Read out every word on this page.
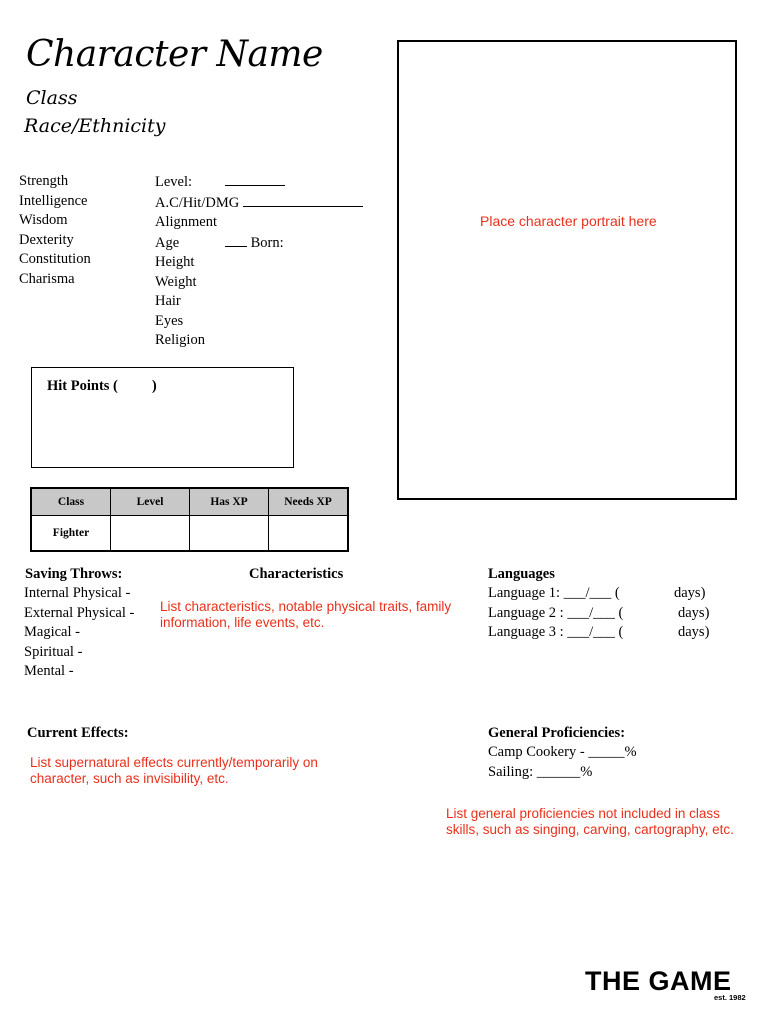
Character Name
Class
Race/Ethnicity
Strength
Intelligence
Wisdom
Dexterity
Constitution
Charisma
Level:
A.C/Hit/DMG
Alignment
Age	Born:
Height
Weight
Hair
Eyes
Religion
Place character portrait here
Hit Points ( )
Class	Level	Has XP	Needs XP
Fighter			
Saving Throws:
Internal Physical -
External Physical -
Magical -
Spiritual -
Mental -
Characteristics
List characteristics, notable physical traits, family information, life events, etc.
Languages
Language 1: ___/___ (	days)
Language 2 : ___/___ (	days)
Language 3 : ___/___ (	days)
Current Effects:
List supernatural effects currently/temporarily on character, such as invisibility, etc.
General Proficiencies:
Camp Cookery - _____%
Sailing: ______%
List general proficiencies not included in class skills, such as singing, carving, cartography, etc.
THE GAME
est. 1982
